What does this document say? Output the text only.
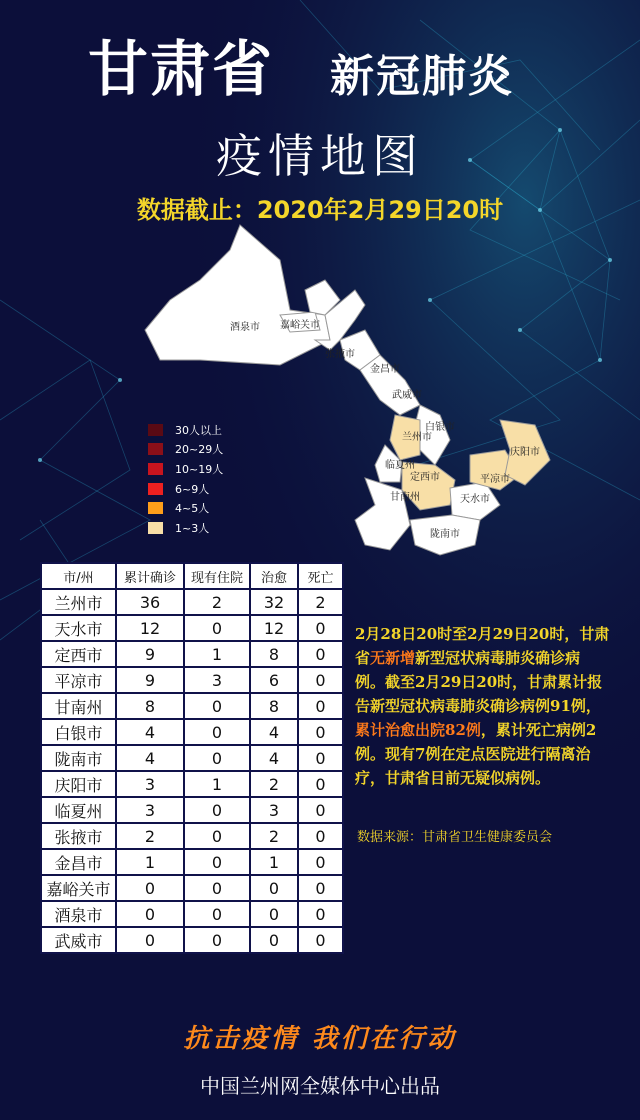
甘肃省 新冠肺炎
疫情地图
数据截止：2020年2月29日20时
酒泉市 嘉峪关市
张掖市
金昌市
武威市
兰州市
白银市
临夏州
定西市
甘南州	天水市
平凉市
庆阳市
陇南市
30人以上
20~29人
10~19人
6~9人
4~5人
1~3人
市/州	累计确诊	现有住院	治愈	死亡
兰州市	36	2	32	2
天水市	12	0	12	0
定西市	9	1	8	0
平凉市	9	3	6	0
甘南州	8	0	8	0
白银市	4	0	4	0
陇南市	4	0	4	0
庆阳市	3	1	2	0
临夏州	3	0	3	0
张掖市	2	0	2	0
金昌市	1	0	1	0
嘉峪关市	0	0	0	0
酒泉市	0	0	0	0
武威市	0	0	0	0
2月28日20时至2月29日20时，甘肃省无新增新型冠状病毒肺炎确诊病例。截至2月29日20时，甘肃累计报告新型冠状病毒肺炎确诊病例91例，累计治愈出院82例，累计死亡病例2例。现有7例在定点医院进行隔离治疗，甘肃省目前无疑似病例。
数据来源：甘肃省卫生健康委员会
抗击疫情 我们在行动
中国兰州网全媒体中心出品
